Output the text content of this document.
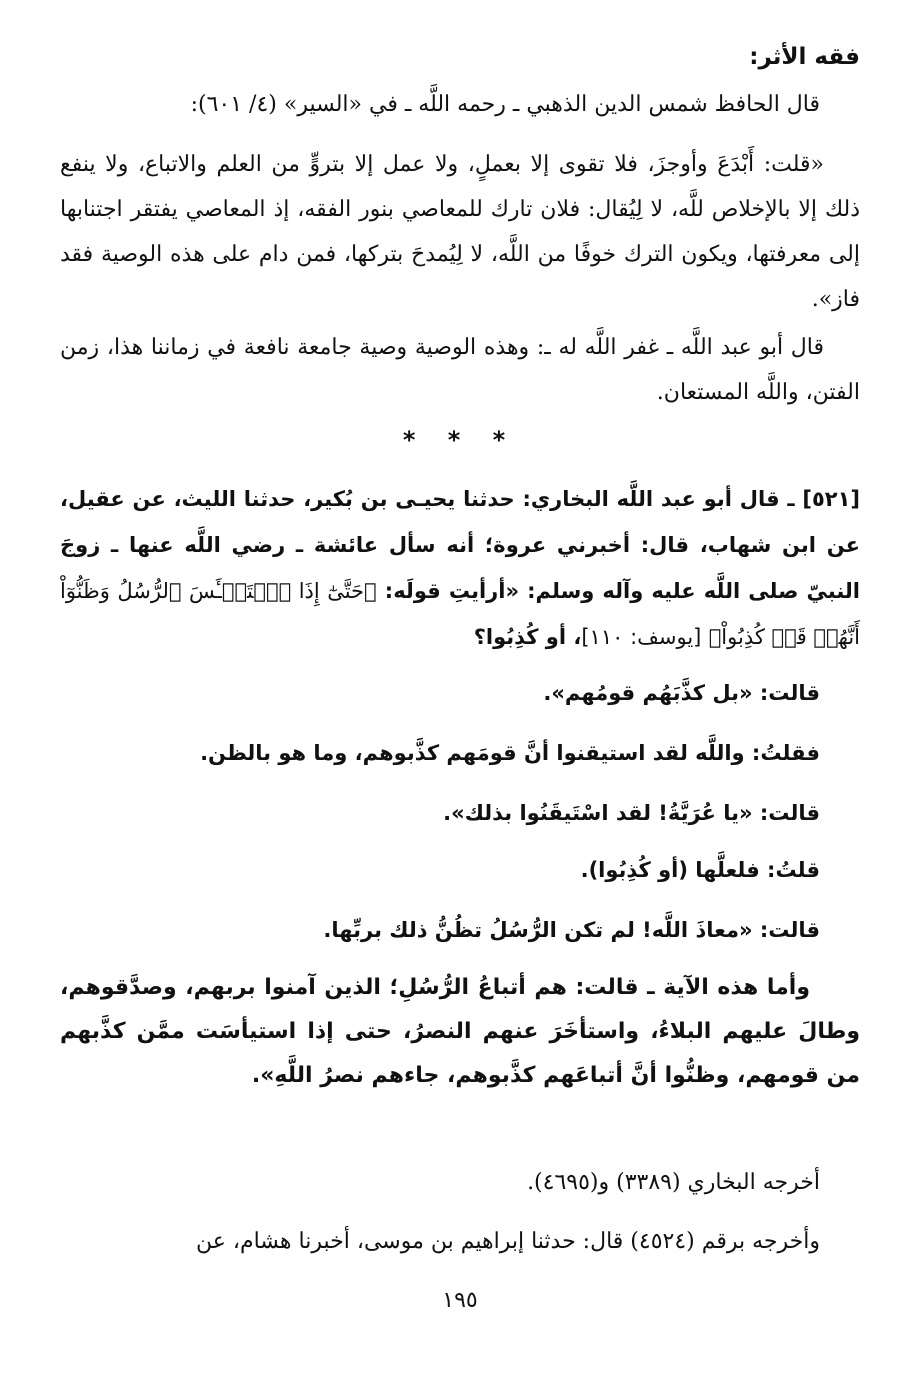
فقه الأثر:

قال الحافظ شمس الدين الذهبي ـ رحمه اللَّه ـ في «السير» (٤/ ٦٠١):

«قلت: أَبْدَعَ وأوجزَ، فلا تقوى إلا بعملٍ، ولا عمل إلا بتروٍّ من العلم والاتباع، ولا ينفع ذلك إلا بالإخلاص للَّه، لا لِيُقال: فلان تارك للمعاصي بنور الفقه، إذ المعاصي يفتقر اجتنابها إلى معرفتها، ويكون الترك خوفًا من اللَّه، لا لِيُمدحَ بتركها، فمن دام على هذه الوصية فقد فاز».

قال أبو عبد اللَّه ـ غفر اللَّه له ـ: وهذه الوصية وصية جامعة نافعة في زماننا هذا، زمن الفتن، واللَّه المستعان.

* * *

[٥٢١] ـ قال أبو عبد اللَّه البخاري: حدثنا يحيـى بن بُكير، حدثنا الليث، عن عقيل، عن ابن شهاب، قال: أخبرني عروة؛ أنه سأل عائشة ـ رضي اللَّه عنها ـ زوجَ النبيّ صلى اللَّه عليه وآله وسلم: «أرأيتِ قولَه: ﴿حَتَّىٰٓ إِذَا ٱسۡتَيۡـَٔسَ ٱلرُّسُلُ وَظَنُّوٓاْ أَنَّهُمۡ قَدۡ كُذِبُواْ﴾ [يوسف: ١١٠]، أو كُذِبُوا؟

قالت: «بل كذَّبَهُم قومُهم».

فقلتُ: واللَّه لقد استيقنوا أنَّ قومَهم كذَّبوهم، وما هو بالظن.

قالت: «يا عُرَيَّةُ! لقد اسْتَيقَنُوا بذلك».

قلتُ: فلعلَّها (أو كُذِبُوا).

قالت: «معاذَ اللَّه! لم تكن الرُّسُلُ تظُنُّ ذلك بربِّها.

وأما هذه الآية ـ قالت: هم أتباعُ الرُّسُلِ؛ الذين آمنوا بربهم، وصدَّقوهم، وطالَ عليهم البلاءُ، واستأخَرَ عنهم النصرُ، حتى إذا استيأسَت ممَّن كذَّبهم من قومهم، وظنُّوا أنَّ أتباعَهم كذَّبوهم، جاءهم نصرُ اللَّهِ».

أخرجه البخاري (٣٣٨٩) و(٤٦٩٥).

وأخرجه برقم (٤٥٢٤) قال: حدثنا إبراهيم بن موسى، أخبرنا هشام، عن

١٩٥
